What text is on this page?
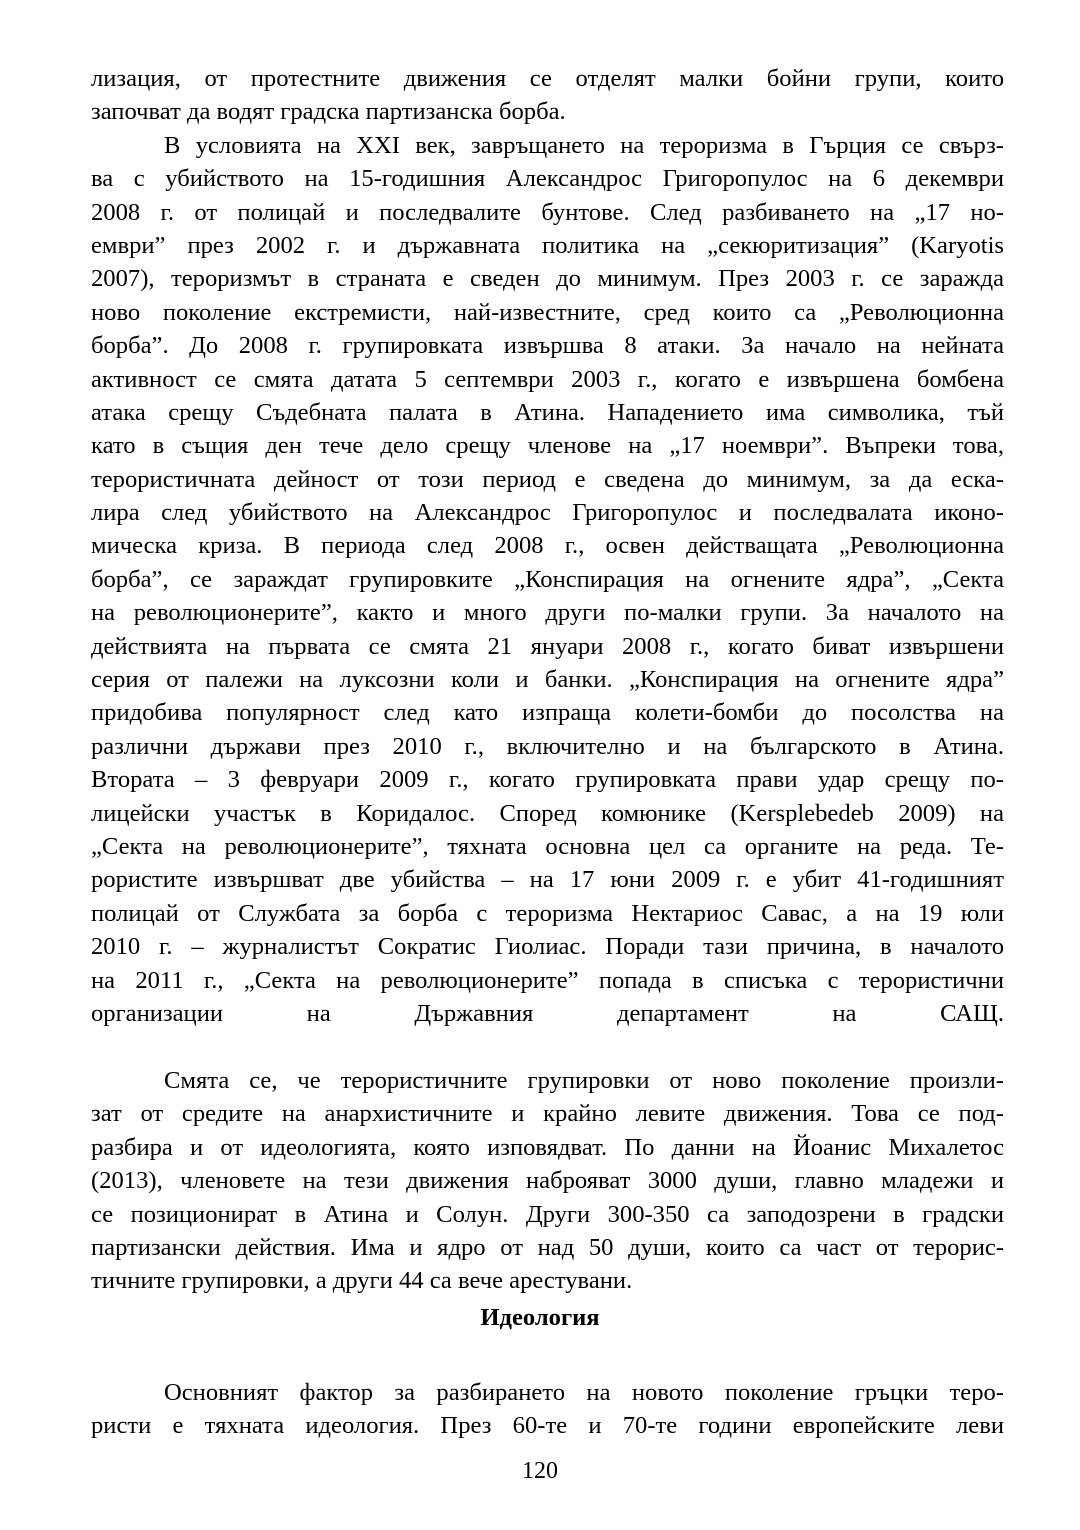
лизация, от протестните движения се отделят малки бойни групи, които
започват да водят градска партизанска борба.
В условията на XXI век, завръщането на тероризма в Гърция се свърз-
ва с убийството на 15-годишния Александрос Григоропулос на 6 декември
2008 г. от полицай и последвалите бунтове. След разбиването на „17 но-
ември” през 2002 г. и държавната политика на „секюритизация” (Karyotis
2007), тероризмът в страната е сведен до минимум. През 2003 г. се заражда
ново поколение екстремисти, най-известните, сред които са „Революционна
борба”. До 2008 г. групировката извършва 8 атаки. За начало на нейната
активност се смята датата 5 септември 2003 г., когато е извършена бомбена
атака срещу Съдебната палата в Атина. Нападението има символика, тъй
като в същия ден тече дело срещу членове на „17 ноември”. Въпреки това,
терористичната дейност от този период е сведена до минимум, за да еска-
лира след убийството на Александрос Григоропулос и последвалата иконо-
мическа криза. В периода след 2008 г., освен действащата „Революционна
борба”, се зараждат групировките „Конспирация на огнените ядра”, „Секта
на революционерите”, както и много други по-малки групи. За началото на
действията на първата се смята 21 януари 2008 г., когато биват извършени
серия от палежи на луксозни коли и банки. „Конспирация на огнените ядра”
придобива популярност след като изпраща колети-бомби до посолства на
различни държави през 2010 г., включително и на българското в Атина.
Втората – 3 февруари 2009 г., когато групировката прави удар срещу по-
лицейски участък в Коридалос. Според комюнике (Kersplebedeb 2009) на
„Секта на революционерите”, тяхната основна цел са органите на реда. Те-
рористите извършват две убийства – на 17 юни 2009 г. е убит 41-годишният
полицай от Службата за борба с тероризма Нектариос Савас, а на 19 юли
2010 г. – журналистът Сократис Гиолиас. Поради тази причина, в началото
на 2011 г., „Секта на революционерите” попада в списъка с терористични
организации на Държавния департамент на САЩ.
Смята се, че терористичните групировки от ново поколение произли-
зат от средите на анархистичните и крайно левите движения. Това се под-
разбира и от идеологията, която изповядват. По данни на Йоанис Михалетос
(2013), членовете на тези движения наброяват 3000 души, главно младежи и
се позиционират в Атина и Солун. Други 300-350 са заподозрени в градски
партизански действия. Има и ядро от над 50 души, които са част от терорис-
тичните групировки, а други 44 са вече арестувани.
Идеология
Основният фактор за разбирането на новото поколение гръцки теро-
ристи е тяхната идеология. През 60-те и 70-те години европейските леви
120
